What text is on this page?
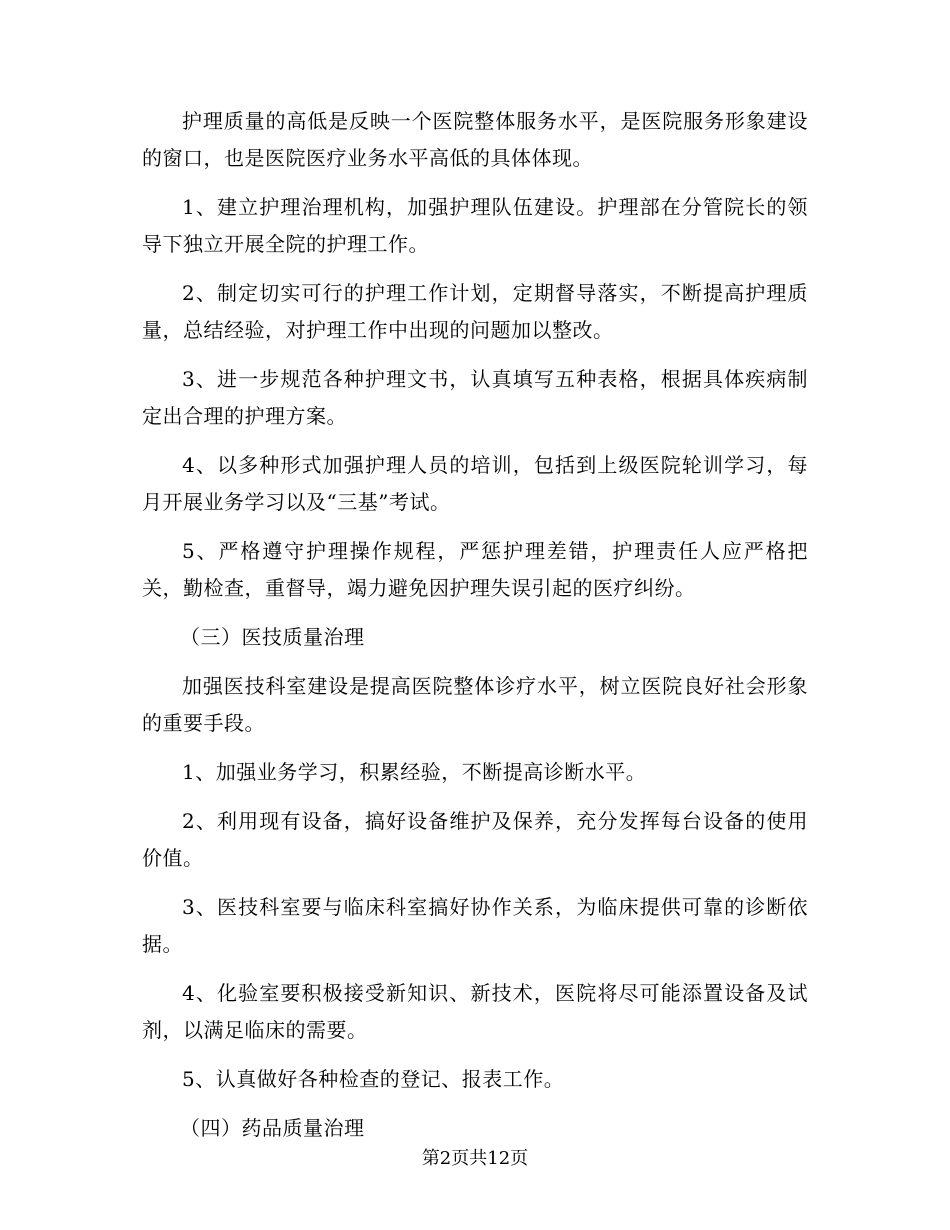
护理质量的高低是反映一个医院整体服务水平，是医院服务形象建设的窗口，也是医院医疗业务水平高低的具体体现。

1、建立护理治理机构，加强护理队伍建设。护理部在分管院长的领导下独立开展全院的护理工作。

2、制定切实可行的护理工作计划，定期督导落实，不断提高护理质量，总结经验，对护理工作中出现的问题加以整改。

3、进一步规范各种护理文书，认真填写五种表格，根据具体疾病制定出合理的护理方案。

4、以多种形式加强护理人员的培训，包括到上级医院轮训学习，每月开展业务学习以及“三基”考试。

5、严格遵守护理操作规程，严惩护理差错，护理责任人应严格把关，勤检查，重督导，竭力避免因护理失误引起的医疗纠纷。

（三）医技质量治理

加强医技科室建设是提高医院整体诊疗水平，树立医院良好社会形象的重要手段。

1、加强业务学习，积累经验，不断提高诊断水平。

2、利用现有设备，搞好设备维护及保养，充分发挥每台设备的使用价值。

3、医技科室要与临床科室搞好协作关系，为临床提供可靠的诊断依据。

4、化验室要积极接受新知识、新技术，医院将尽可能添置设备及试剂，以满足临床的需要。

5、认真做好各种检查的登记、报表工作。

（四）药品质量治理

第2页共12页
